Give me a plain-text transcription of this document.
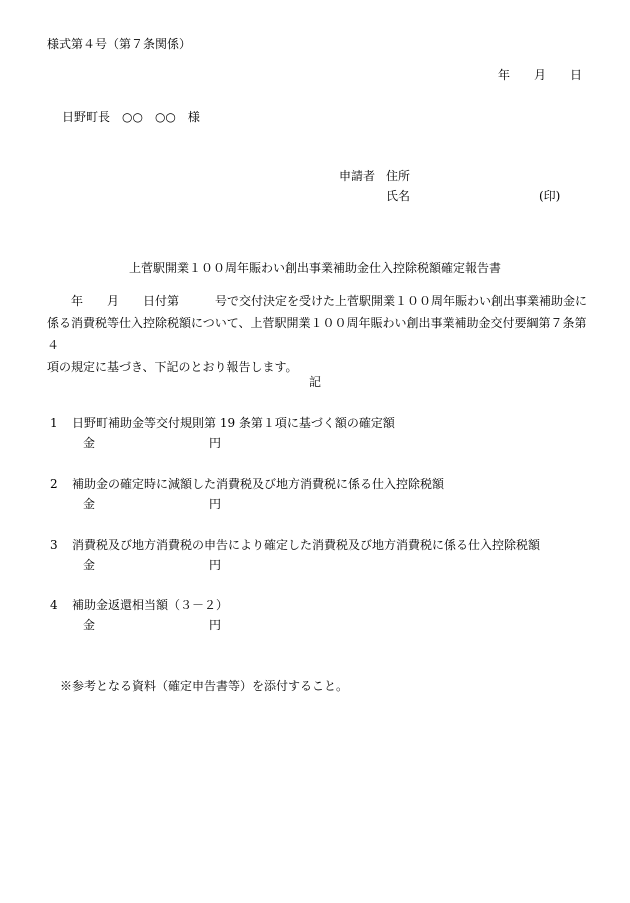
様式第４号（第７条関係）
年　　月　　日
日野町長　○○　○○　様
申請者 住所
氏名	(印)
上菅駅開業１００周年賑わい創出事業補助金仕入控除税額確定報告書
　　年　　月　　日付第　　　号で交付決定を受けた上菅駅開業１００周年賑わい創出事業補助金に
係る消費税等仕入控除税額について、上菅駅開業１００周年賑わい創出事業補助金交付要綱第７条第４
項の規定に基づき、下記のとおり報告します。
記
1 日野町補助金等交付規則第 19 条第１項に基づく額の確定額
金	円
2 補助金の確定時に減額した消費税及び地方消費税に係る仕入控除税額
金	円
3 消費税及び地方消費税の申告により確定した消費税及び地方消費税に係る仕入控除税額
金	円
4 補助金返還相当額（３－２）
金	円
※参考となる資料（確定申告書等）を添付すること。
